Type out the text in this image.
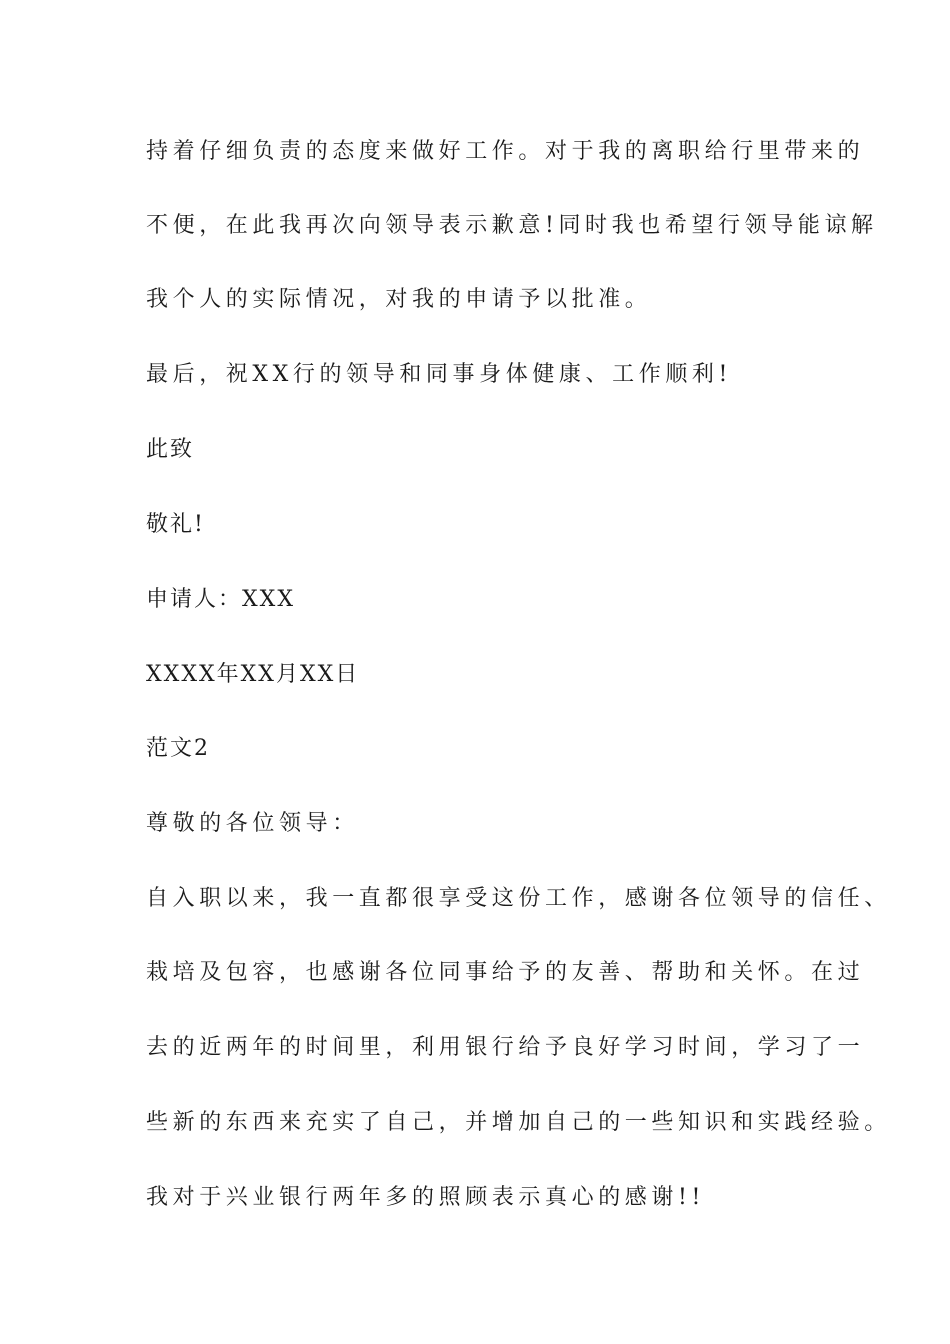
持着仔细负责的态度来做好工作。对于我的离职给行里带来的
不便，在此我再次向领导表示歉意!同时我也希望行领导能谅解
我个人的实际情况，对我的申请予以批准。
最后，祝XX行的领导和同事身体健康、工作顺利!
此致
敬礼!
申请人：XXX
XXXX年XX月XX日
范文2
尊敬的各位领导：
自入职以来，我一直都很享受这份工作，感谢各位领导的信任、
栽培及包容，也感谢各位同事给予的友善、帮助和关怀。在过
去的近两年的时间里，利用银行给予良好学习时间，学习了一
些新的东西来充实了自己，并增加自己的一些知识和实践经验。
我对于兴业银行两年多的照顾表示真心的感谢!!
